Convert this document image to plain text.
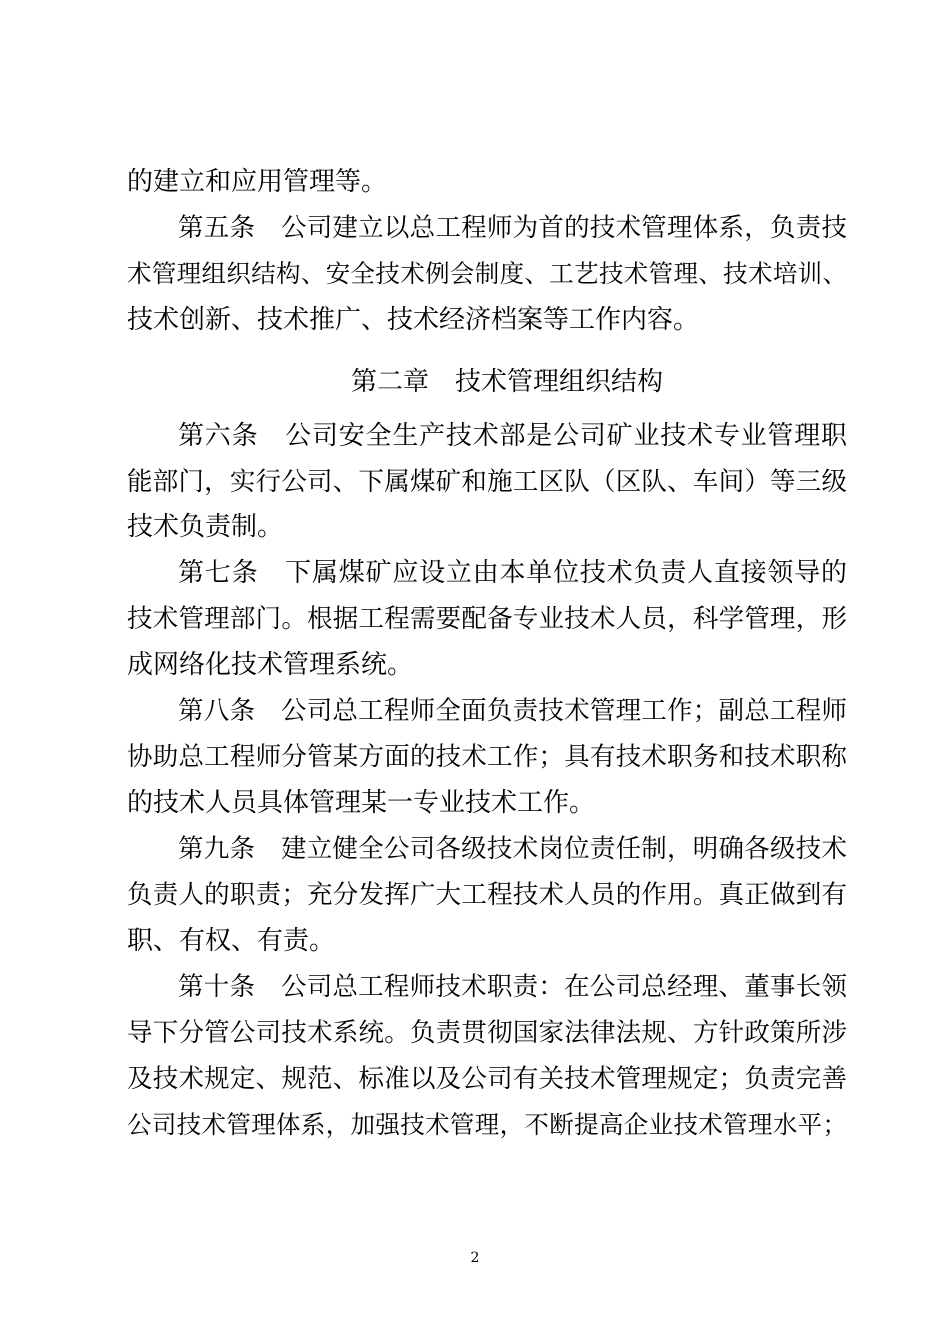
的建立和应用管理等。
第五条　公司建立以总工程师为首的技术管理体系，负责技
术管理组织结构、安全技术例会制度、工艺技术管理、技术培训、
技术创新、技术推广、技术经济档案等工作内容。
第二章　技术管理组织结构
第六条　公司安全生产技术部是公司矿业技术专业管理职
能部门，实行公司、下属煤矿和施工区队（区队、车间）等三级
技术负责制。
第七条　下属煤矿应设立由本单位技术负责人直接领导的
技术管理部门。根据工程需要配备专业技术人员，科学管理，形
成网络化技术管理系统。
第八条　公司总工程师全面负责技术管理工作；副总工程师
协助总工程师分管某方面的技术工作；具有技术职务和技术职称
的技术人员具体管理某一专业技术工作。
第九条　建立健全公司各级技术岗位责任制，明确各级技术
负责人的职责；充分发挥广大工程技术人员的作用。真正做到有
职、有权、有责。
第十条　公司总工程师技术职责：在公司总经理、董事长领
导下分管公司技术系统。负责贯彻国家法律法规、方针政策所涉
及技术规定、规范、标准以及公司有关技术管理规定；负责完善
公司技术管理体系，加强技术管理，不断提高企业技术管理水平；
2
